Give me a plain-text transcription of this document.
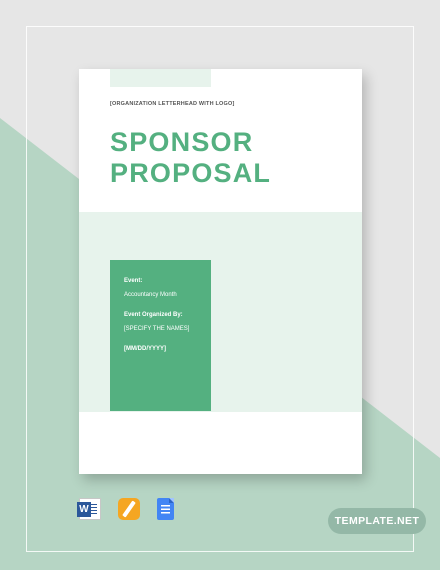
[ORGANIZATION LETTERHEAD WITH LOGO]
SPONSOR
PROPOSAL
Event:
Accountancy Month
Event Organized By:
[SPECIFY THE NAMES]
[MM/DD/YYYY]
W
TEMPLATE.NET
